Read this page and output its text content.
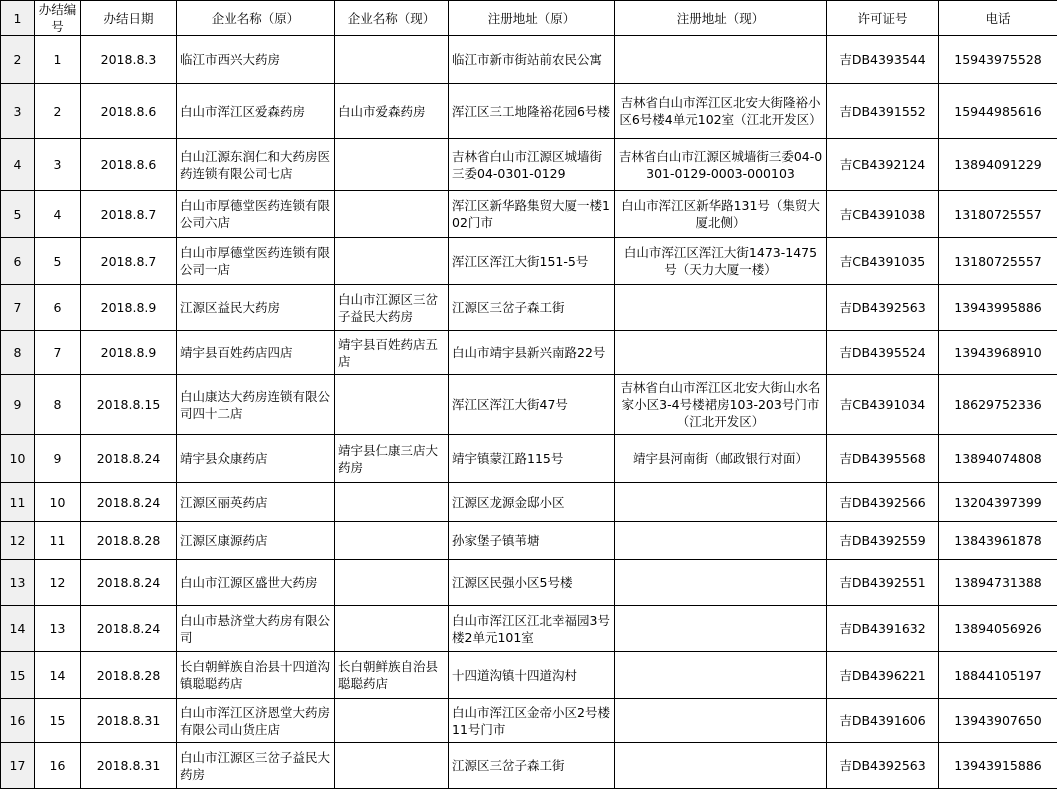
1	办结编号	办结日期	企业名称（原）	企业名称（现）	注册地址（原）	注册地址（现）	许可证号	电话
2	1	2018.8.3	临江市西兴大药房		临江市新市街站前农民公寓		吉DB4393544	15943975528
3	2	2018.8.6	白山市浑江区爱森药房	白山市爱森药房	浑江区三工地隆裕花园6号楼	吉林省白山市浑江区北安大街隆裕小区6号楼4单元102室（江北开发区）	吉DB4391552	15944985616
4	3	2018.8.6	白山江源东润仁和大药房医药连锁有限公司七店		吉林省白山市江源区城墙街三委04-0301-0129	吉林省白山市江源区城墙街三委04-0301-0129-0003-000103	吉CB4392124	13894091229
5	4	2018.8.7	白山市厚德堂医药连锁有限公司六店		浑江区新华路集贸大厦一楼102门市	白山市浑江区新华路131号（集贸大厦北侧）	吉CB4391038	13180725557
6	5	2018.8.7	白山市厚德堂医药连锁有限公司一店		浑江区浑江大街151-5号	白山市浑江区浑江大街1473-1475号（天力大厦一楼）	吉CB4391035	13180725557
7	6	2018.8.9	江源区益民大药房	白山市江源区三岔子益民大药房	江源区三岔子森工街		吉DB4392563	13943995886
8	7	2018.8.9	靖宇县百姓药店四店	靖宇县百姓药店五店	白山市靖宇县新兴南路22号		吉DB4395524	13943968910
9	8	2018.8.15	白山康达大药房连锁有限公司四十二店		浑江区浑江大街47号	吉林省白山市浑江区北安大街山水名家小区3-4号楼裙房103-203号门市（江北开发区）	吉CB4391034	18629752336
10	9	2018.8.24	靖宇县众康药店	靖宇县仁康三店大药房	靖宇镇蒙江路115号	靖宇县河南街（邮政银行对面）	吉DB4395568	13894074808
11	10	2018.8.24	江源区丽英药店		江源区龙源金邸小区		吉DB4392566	13204397399
12	11	2018.8.28	江源区康源药店		孙家堡子镇苇塘		吉DB4392559	13843961878
13	12	2018.8.24	白山市江源区盛世大药房		江源区民强小区5号楼		吉DB4392551	13894731388
14	13	2018.8.24	白山市悬济堂大药房有限公司		白山市浑江区江北幸福园3号楼2单元101室		吉DB4391632	13894056926
15	14	2018.8.28	长白朝鲜族自治县十四道沟镇聪聪药店	长白朝鲜族自治县聪聪药店	十四道沟镇十四道沟村		吉DB4396221	18844105197
16	15	2018.8.31	白山市浑江区济恩堂大药房有限公司山货庄店		白山市浑江区金帝小区2号楼11号门市		吉DB4391606	13943907650
17	16	2018.8.31	白山市江源区三岔子益民大药房		江源区三岔子森工街		吉DB4392563	13943915886
